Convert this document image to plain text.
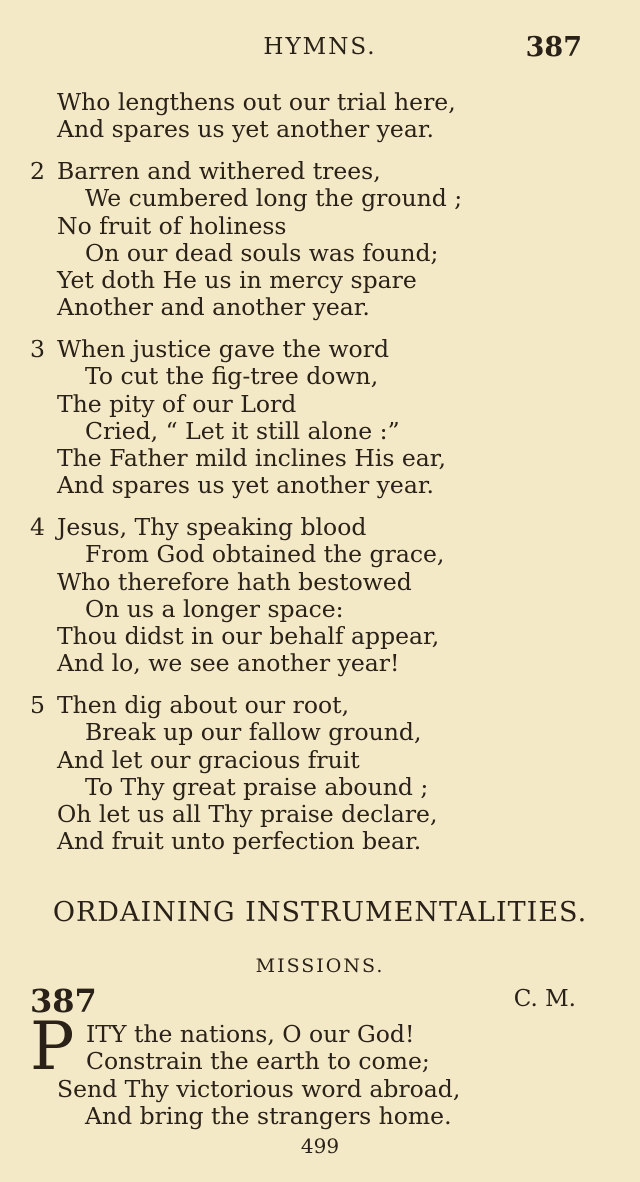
HYMNS.	387
Who lengthens out our trial here,
And spares us yet another year.
2 Barren and withered trees,
We cumbered long the ground ;
No fruit of holiness
On our dead souls was found;
Yet doth He us in mercy spare
Another and another year.
3 When justice gave the word
To cut the fig-tree down,
The pity of our Lord
Cried, “ Let it still alone :”
The Father mild inclines His ear,
And spares us yet another year.
4 Jesus, Thy speaking blood
From God obtained the grace,
Who therefore hath bestowed
On us a longer space:
Thou didst in our behalf appear,
And lo, we see another year!
5 Then dig about our root,
Break up our fallow ground,
And let our gracious fruit
To Thy great praise abound ;
Oh let us all Thy praise declare,
And fruit unto perfection bear.
ORDAINING INSTRUMENTALITIES.
MISSIONS.
387	C. M.
P ITY the nations, O our God!
Constrain the earth to come;
Send Thy victorious word abroad,
And bring the strangers home.
499
